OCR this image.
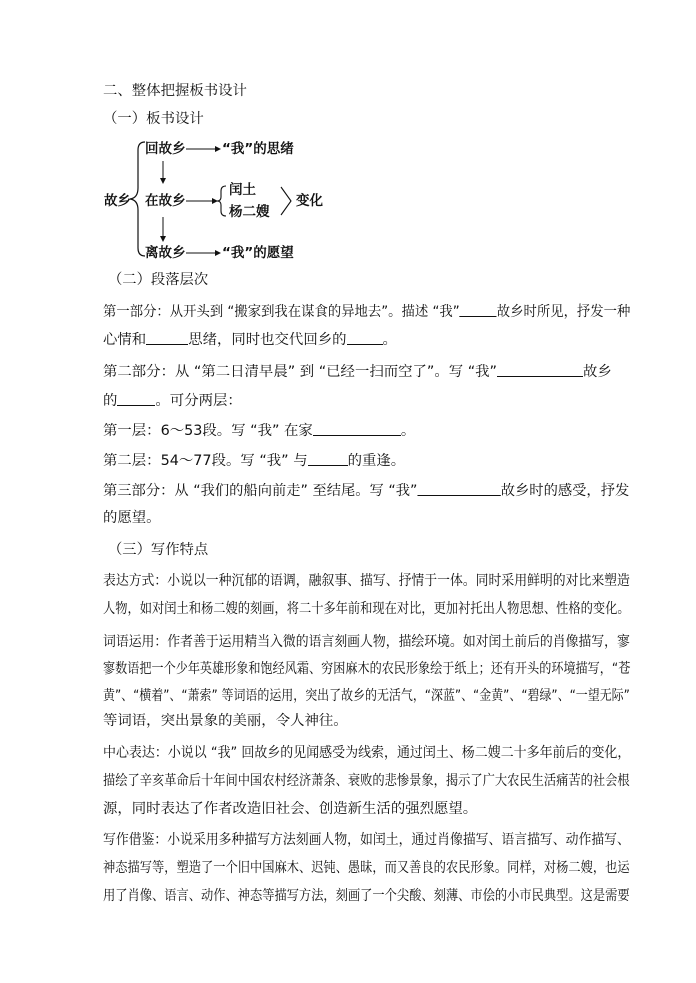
二、整体把握板书设计
（一）板书设计
故乡
回故乡	“我”的思绪
在故乡
闰土
杨二嫂
变化
离故乡	“我”的愿望
（二）段落层次
第一部分：从开头到 “搬家到我在谋食的异地去”。描述 “我”	故乡时所见，抒发一种
心情和	思绪，同时也交代回乡的	。
第二部分：从 “第二日清早晨” 到 “已经一扫而空了”。写 “我”	故乡
的	。可分两层：
第一层：6～53段。写 “我” 在家	。
第二层：54～77段。写 “我” 与	的重逢。
第三部分：从 “我们的船向前走” 至结尾。写 “我”	故乡时的感受，抒发
的愿望。
（三）写作特点
表达方式：小说以一种沉郁的语调，融叙事、描写、抒情于一体。同时采用鲜明的对比来塑造
人物，如对闰土和杨二嫂的刻画，将二十多年前和现在对比，更加衬托出人物思想、性格的变化。
词语运用：作者善于运用精当入微的语言刻画人物，描绘环境。如对闰土前后的肖像描写，寥
寥数语把一个少年英雄形象和饱经风霜、穷困麻木的农民形象绘于纸上；还有开头的环境描写，“苍
黄”、“横着”、“萧索” 等词语的运用，突出了故乡的无活气，“深蓝”、“金黄”、“碧绿”、“一望无际”
等词语，突出景象的美丽，令人神往。
中心表达：小说以 “我” 回故乡的见闻感受为线索，通过闰土、杨二嫂二十多年前后的变化，
描绘了辛亥革命后十年间中国农村经济萧条、衰败的悲惨景象，揭示了广大农民生活痛苦的社会根
源，同时表达了作者改造旧社会、创造新生活的强烈愿望。
写作借鉴：小说采用多种描写方法刻画人物，如闰土，通过肖像描写、语言描写、动作描写、
神态描写等，塑造了一个旧中国麻木、迟钝、愚昧，而又善良的农民形象。同样，对杨二嫂，也运
用了肖像、语言、动作、神态等描写方法，刻画了一个尖酸、刻薄、市侩的小市民典型。这是需要
